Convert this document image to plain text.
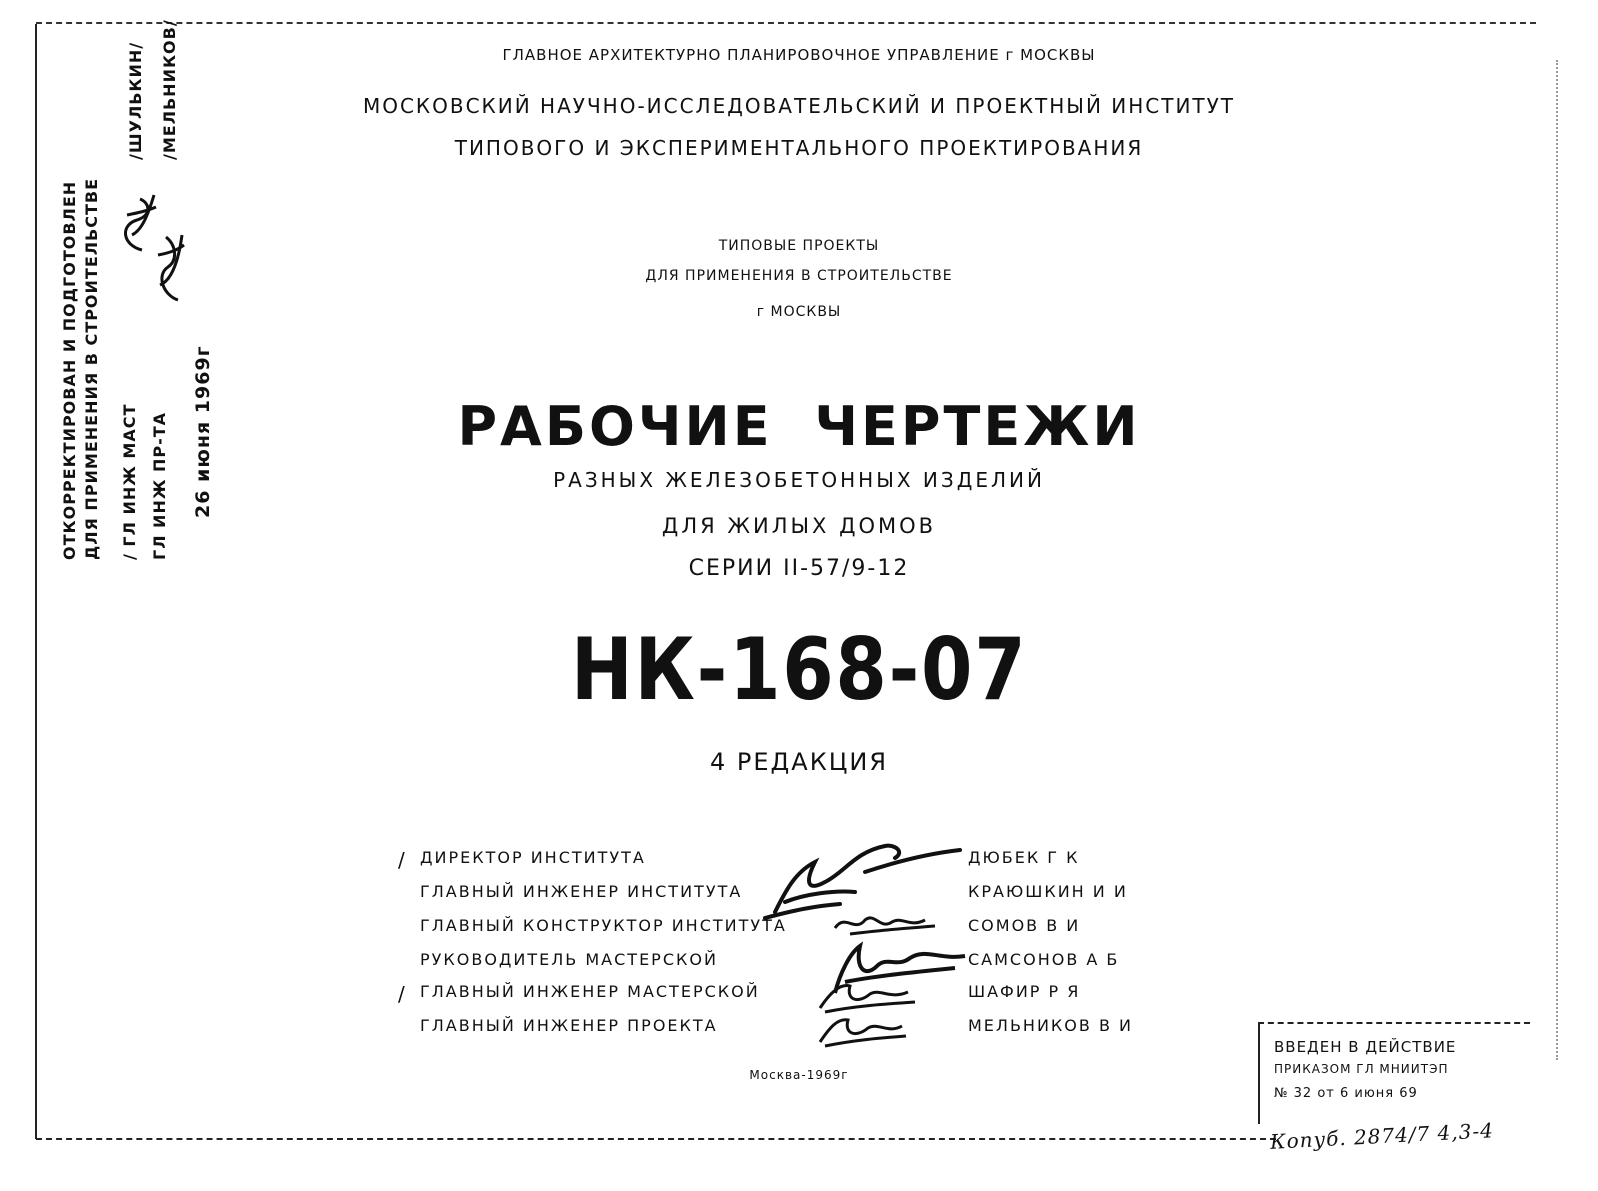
ГЛАВНОЕ АРХИТЕКТУРНО ПЛАНИРОВОЧНОЕ УПРАВЛЕНИЕ г МОСКВЫ
МОСКОВСКИЙ НАУЧНО-ИССЛЕДОВАТЕЛЬСКИЙ И ПРОЕКТНЫЙ ИНСТИТУТ
ТИПОВОГО И ЭКСПЕРИМЕНТАЛЬНОГО ПРОЕКТИРОВАНИЯ
ТИПОВЫЕ ПРОЕКТЫ
ДЛЯ ПРИМЕНЕНИЯ В СТРОИТЕЛЬСТВЕ
г МОСКВЫ
РАБОЧИЕ ЧЕРТЕЖИ
РАЗНЫХ ЖЕЛЕЗОБЕТОННЫХ ИЗДЕЛИЙ
ДЛЯ ЖИЛЫХ ДОМОВ
СЕРИИ II-57/9-12
НК-168-07
4 РЕДАКЦИЯ
ОТКОРРЕКТИРОВАН И ПОДГОТОВЛЕН ДЛЯ ПРИМЕНЕНИЯ В СТРОИТЕЛЬСТВЕ / ГЛ ИНЖ МАСТ ГЛ ИНЖ ПР-ТА 26 июня 1969г
/ШУЛЬКИН/ /МЕЛЬНИКОВ/
/ ДИРЕКТОР ИНСТИТУТА	ДЮБЕК Г К
ГЛАВНЫЙ ИНЖЕНЕР ИНСТИТУТА	КРАЮШКИН И И
ГЛАВНЫЙ КОНСТРУКТОР ИНСТИТУТА	СОМОВ В И
РУКОВОДИТЕЛЬ МАСТЕРСКОЙ	САМСОНОВ А Б
/ ГЛАВНЫЙ ИНЖЕНЕР МАСТЕРСКОЙ	ШАФИР Р Я
ГЛАВНЫЙ ИНЖЕНЕР ПРОЕКТА	МЕЛЬНИКОВ В И
Москва-1969г
ВВЕДЕН В ДЕЙСТВИЕ
ПРИКАЗОМ ГЛ МНИИТЭП
№ 32 от 6 июня 69
Копуб. 2874/7 4,3-4
